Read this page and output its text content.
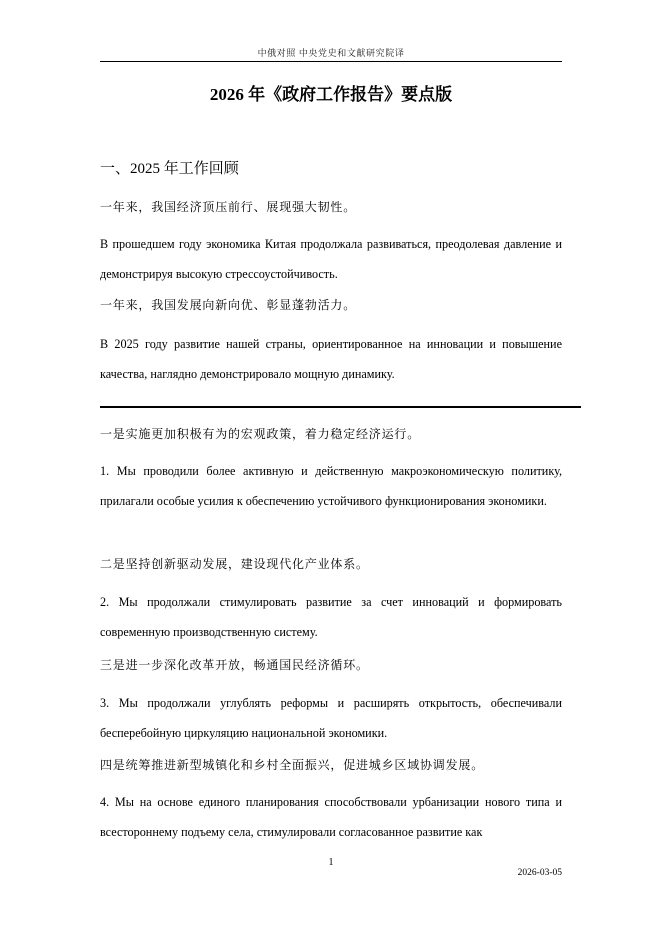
中俄对照 中央党史和文献研究院译
2026 年《政府工作报告》要点版
一、2025 年工作回顾
一年来，我国经济顶压前行、展现强大韧性。
В прошедшем году экономика Китая продолжала развиваться, преодолевая давление и демонстрируя высокую стрессоустойчивость.
一年来，我国发展向新向优、彰显蓬勃活力。
В 2025 году развитие нашей страны, ориентированное на инновации и повышение качества, наглядно демонстрировало мощную динамику.
一是实施更加积极有为的宏观政策，着力稳定经济运行。
1. Мы проводили более активную и действенную макроэкономическую политику, прилагали особые усилия к обеспечению устойчивого функционирования экономики.
二是坚持创新驱动发展，建设现代化产业体系。
2. Мы продолжали стимулировать развитие за счет инноваций и формировать современную производственную систему.
三是进一步深化改革开放，畅通国民经济循环。
3. Мы продолжали углублять реформы и расширять открытость, обеспечивали бесперебойную циркуляцию национальной экономики.
四是统筹推进新型城镇化和乡村全面振兴，促进城乡区域协调发展。
4. Мы на основе единого планирования способствовали урбанизации нового типа и всестороннему подъему села, стимулировали согласованное развитие как
1
2026-03-05
